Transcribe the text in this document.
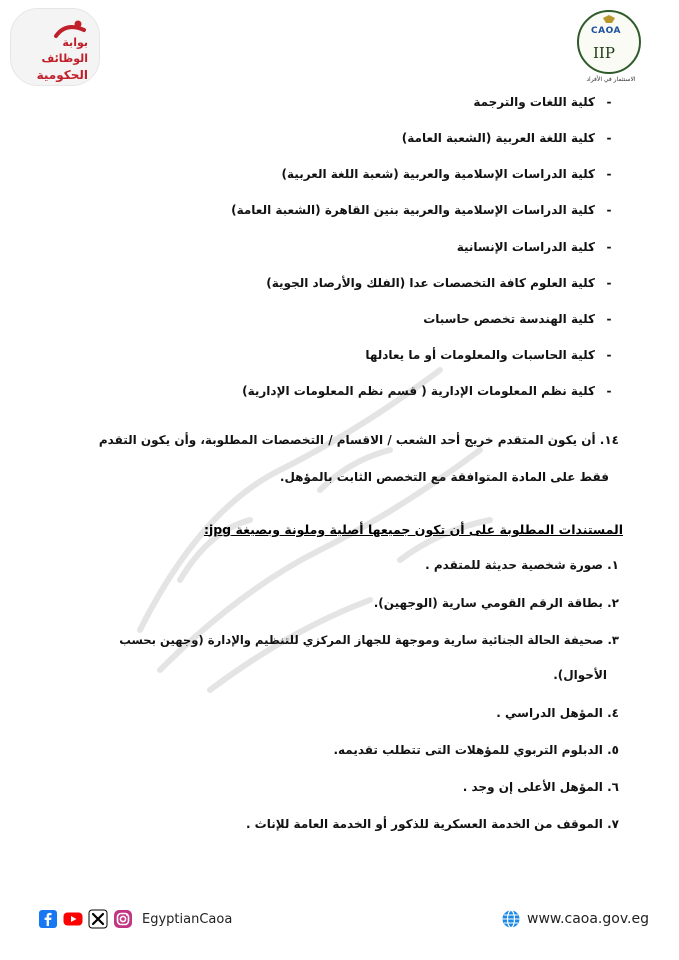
بوابة
الوظائف
الحكومية
CAOA
IIP
الاستثمار في الأفراد
-كلية اللغات والترجمة
-كلية اللغة العربية (الشعبة العامة)
-كلية الدراسات الإسلامية والعربية (شعبة اللغة العربية)
-كلية الدراسات الإسلامية والعربية بنين القاهرة (الشعبة العامة)
-كلية الدراسات الإنسانية
-كلية العلوم كافة التخصصات عدا (الفلك والأرصاد الجوية)
-كلية الهندسة تخصص حاسبات
-كلية الحاسبات والمعلومات أو ما يعادلها
-كلية نظم المعلومات الإدارية ( قسم نظم المعلومات الإدارية)
١٤. أن يكون المتقدم خريج أحد الشعب / الاقسام / التخصصات المطلوبة، وأن يكون التقدم
فقط على المادة المتوافقة مع التخصص الثابت بالمؤهل.
المستندات المطلوبة على أن تكون جميعها أصلية وملونة وبصيغة jpg:
١. صورة شخصية حديثة للمتقدم .
٢. بطاقة الرقم القومي سارية (الوجهين).
٣. صحيفة الحالة الجنائية سارية وموجهة للجهاز المركزي للتنظيم والإدارة (وجهين بحسب
الأحوال).
٤. المؤهل الدراسي .
٥. الدبلوم التربوي للمؤهلات التى تتطلب تقديمه.
٦. المؤهل الأعلى إن وجد .
٧. الموقف من الخدمة العسكرية للذكور أو الخدمة العامة للإناث .
EgyptianCaoa	www.caoa.gov.eg
